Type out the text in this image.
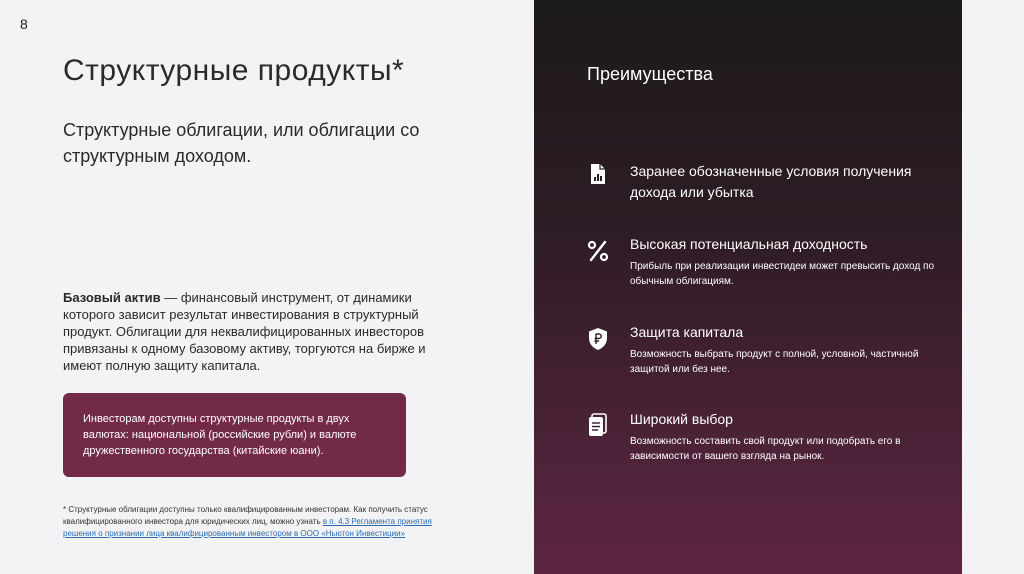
8
Структурные продукты*
Структурные облигации, или облигации со структурным доходом.
Базовый актив — финансовый инструмент, от динамики которого зависит результат инвестирования в структурный продукт. Облигации для неквалифицированных инвесторов привязаны к одному базовому активу, торгуются на бирже и имеют полную защиту капитала.
Инвесторам доступны структурные продукты в двух валютах: национальной (российские рубли) и валюте дружественного государства (китайские юани).
* Структурные облигации доступны только квалифицированным инвесторам. Как получить статус квалифицированного инвестора для юридических лиц, можно узнать в п. 4.3 Регламента принятия решения о признании лица квалифицированным инвестором в ООО «Ньютон Инвестиции»
Преимущества
Заранее обозначенные условия получения дохода или убытка
Высокая потенциальная доходность
Прибыль при реализации инвестидеи может превысить доход по обычным облигациям.
Защита капитала
Возможность выбрать продукт с полной, условной, частичной защитой или без нее.
Широкий выбор
Возможность составить свой продукт или подобрать его в зависимости от вашего взгляда на рынок.
